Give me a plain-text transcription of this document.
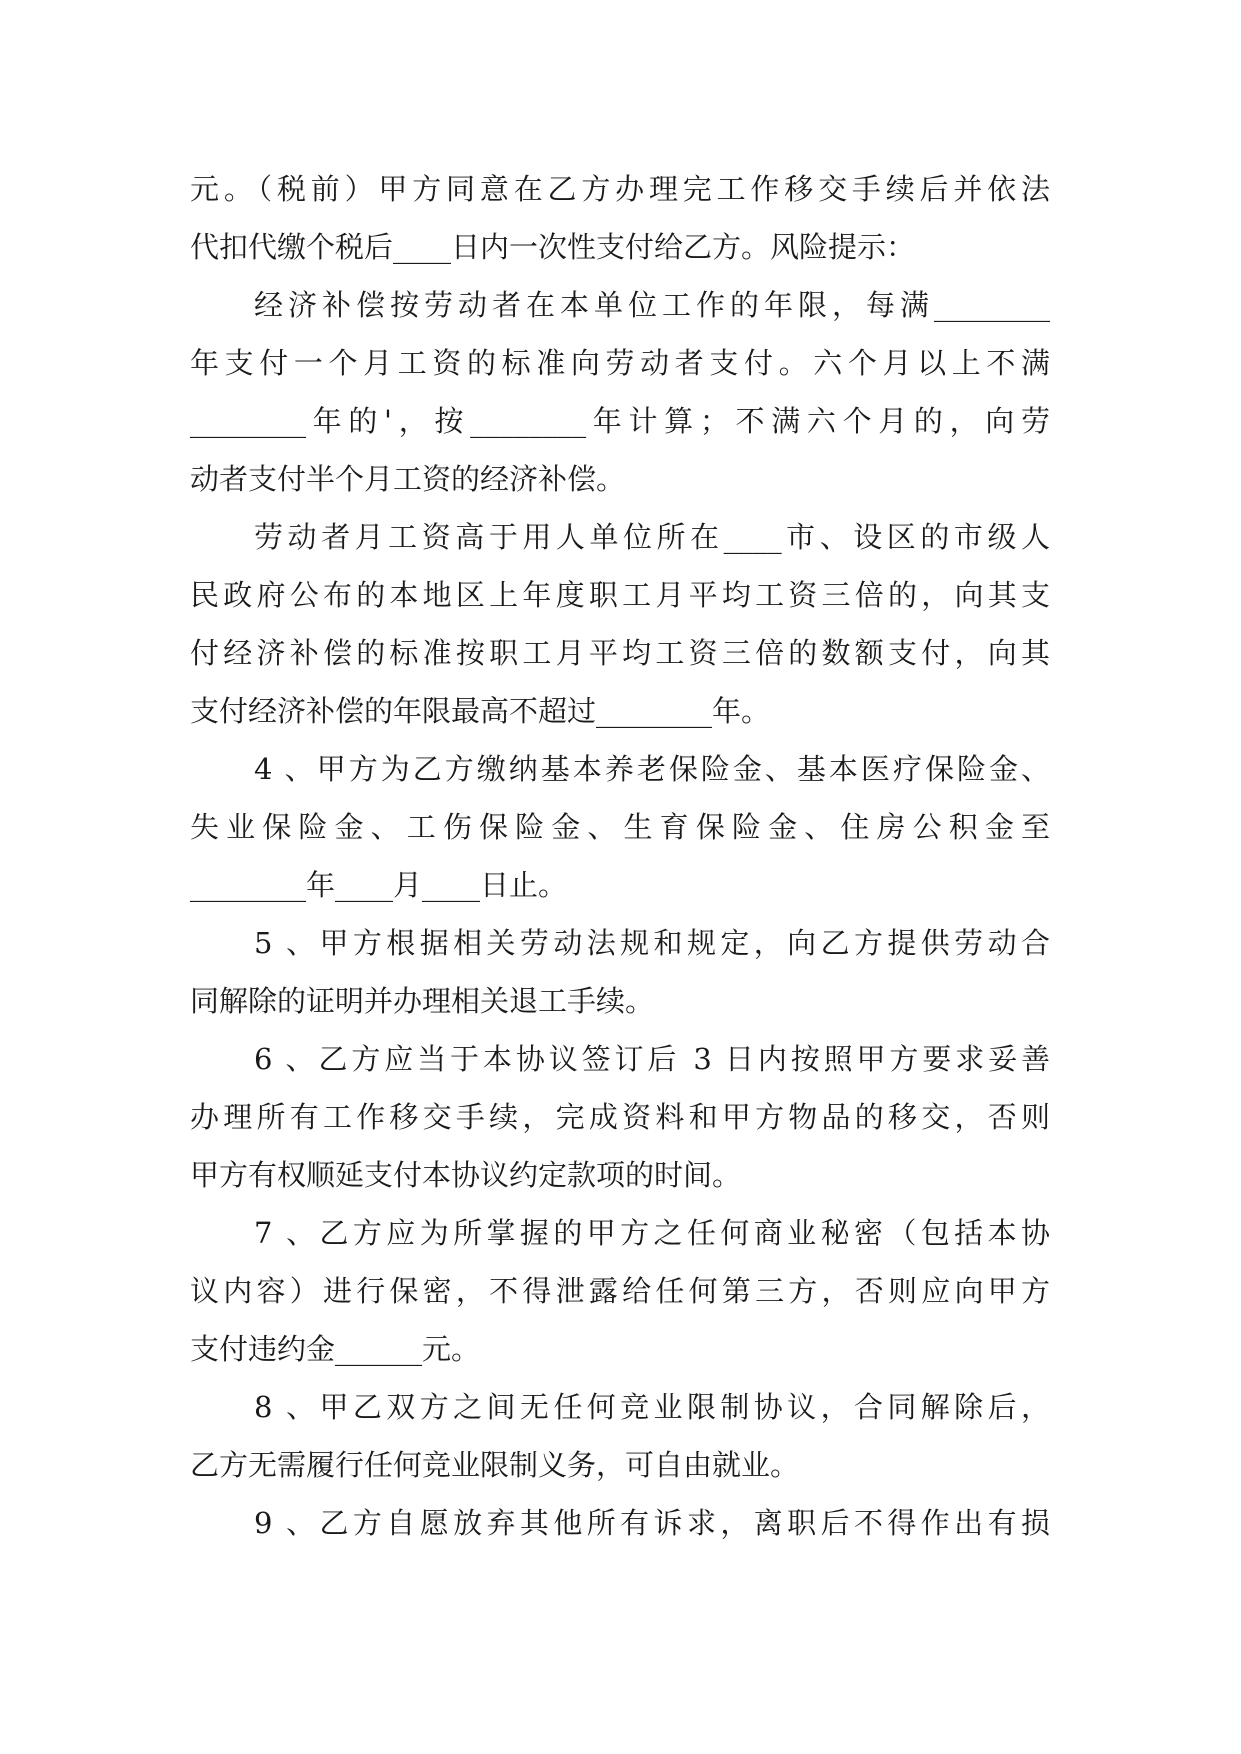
元。（税前）甲方同意在乙方办理完工作移交手续后并依法
代扣代缴个税后____日内一次性支付给乙方。风险提示：
经济补偿按劳动者在本单位工作的年限，每满________
年支付一个月工资的标准向劳动者支付。六个月以上不满
________年的'，按________年计算；不满六个月的，向劳
动者支付半个月工资的经济补偿。
劳动者月工资高于用人单位所在____市、设区的市级人
民政府公布的本地区上年度职工月平均工资三倍的，向其支
付经济补偿的标准按职工月平均工资三倍的数额支付，向其
支付经济补偿的年限最高不超过________年。
4 、甲方为乙方缴纳基本养老保险金、基本医疗保险金、
失业保险金、工伤保险金、生育保险金、住房公积金至
________年____月____日止。
5 、甲方根据相关劳动法规和规定，向乙方提供劳动合
同解除的证明并办理相关退工手续。
6 、乙方应当于本协议签订后 3 日内按照甲方要求妥善
办理所有工作移交手续，完成资料和甲方物品的移交，否则
甲方有权顺延支付本协议约定款项的时间。
7 、乙方应为所掌握的甲方之任何商业秘密（包括本协
议内容）进行保密，不得泄露给任何第三方，否则应向甲方
支付违约金______元。
8 、甲乙双方之间无任何竞业限制协议，合同解除后，
乙方无需履行任何竞业限制义务，可自由就业。
9 、乙方自愿放弃其他所有诉求，离职后不得作出有损
